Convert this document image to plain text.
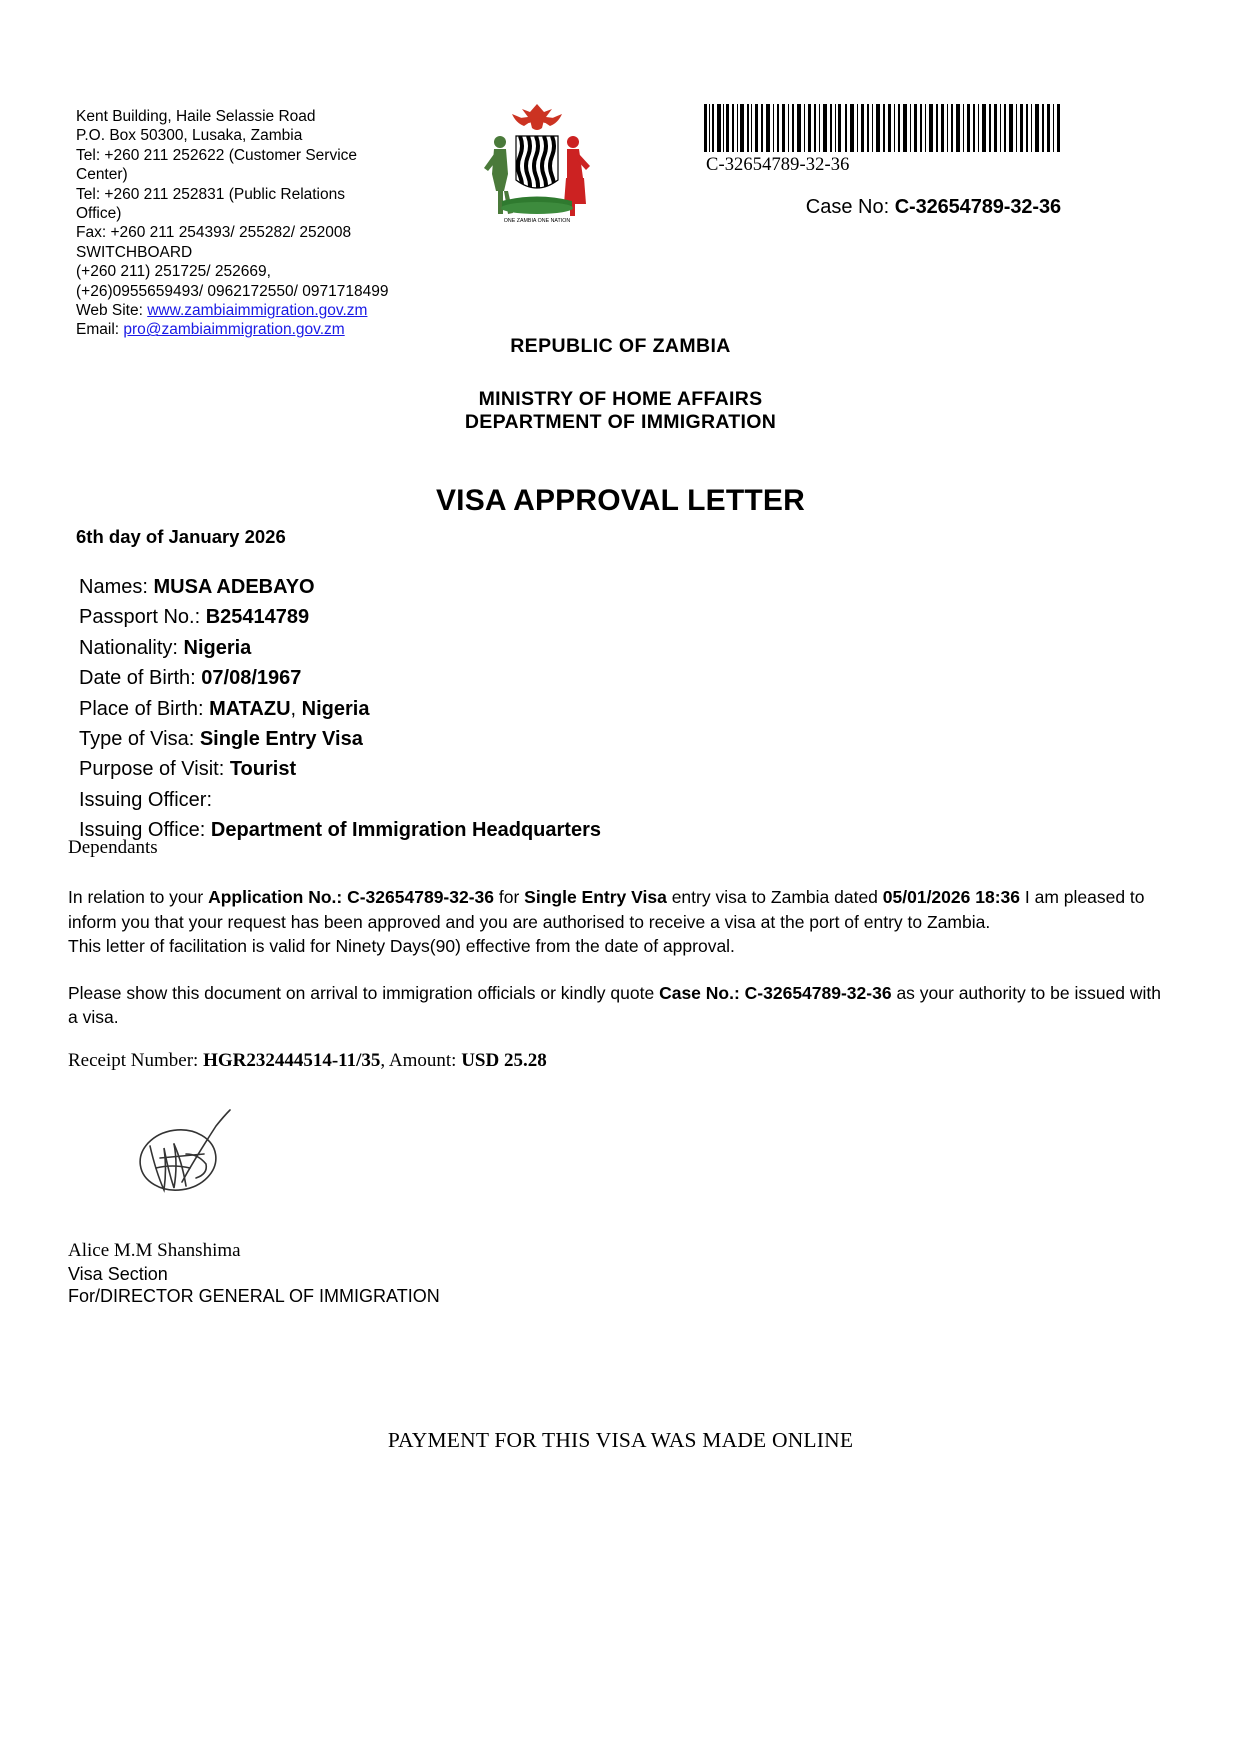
Kent Building, Haile Selassie Road
P.O. Box 50300, Lusaka, Zambia
Tel: +260 211 252622 (Customer Service
Center)
Tel: +260 211 252831 (Public Relations
Office)
Fax: +260 211 254393/ 255282/ 252008
SWITCHBOARD
(+260 211) 251725/ 252669,
(+26)0955659493/ 0962172550/ 0971718499
Web Site: www.zambiaimmigration.gov.zm
Email: pro@zambiaimmigration.gov.zm
ONE ZAMBIA ONE NATION
C-32654789-32-36
Case No: C-32654789-32-36
REPUBLIC OF ZAMBIA
MINISTRY OF HOME AFFAIRS
DEPARTMENT OF IMMIGRATION
VISA APPROVAL LETTER
6th day of January 2026
Names: MUSA ADEBAYO
Passport No.: B25414789
Nationality: Nigeria
Date of Birth: 07/08/1967
Place of Birth: MATAZU, Nigeria
Type of Visa: Single Entry Visa
Purpose of Visit: Tourist
Issuing Officer:
Issuing Office: Department of Immigration Headquarters
Dependants

In relation to your Application No.: C-32654789-32-36 for Single Entry Visa entry visa to Zambia dated 05/01/2026 18:36 I am pleased to inform you that your request has been approved and you are authorised to receive a visa at the port of entry to Zambia.

This letter of facilitation is valid for Ninety Days(90) effective from the date of approval.

Please show this document on arrival to immigration officials or kindly quote Case No.: C-32654789-32-36 as your authority to be issued with a visa.

Receipt Number: HGR232444514-11/35, Amount: USD 25.28
Alice M.M Shanshima
Visa Section
For/DIRECTOR GENERAL OF IMMIGRATION
PAYMENT FOR THIS VISA WAS MADE ONLINE
